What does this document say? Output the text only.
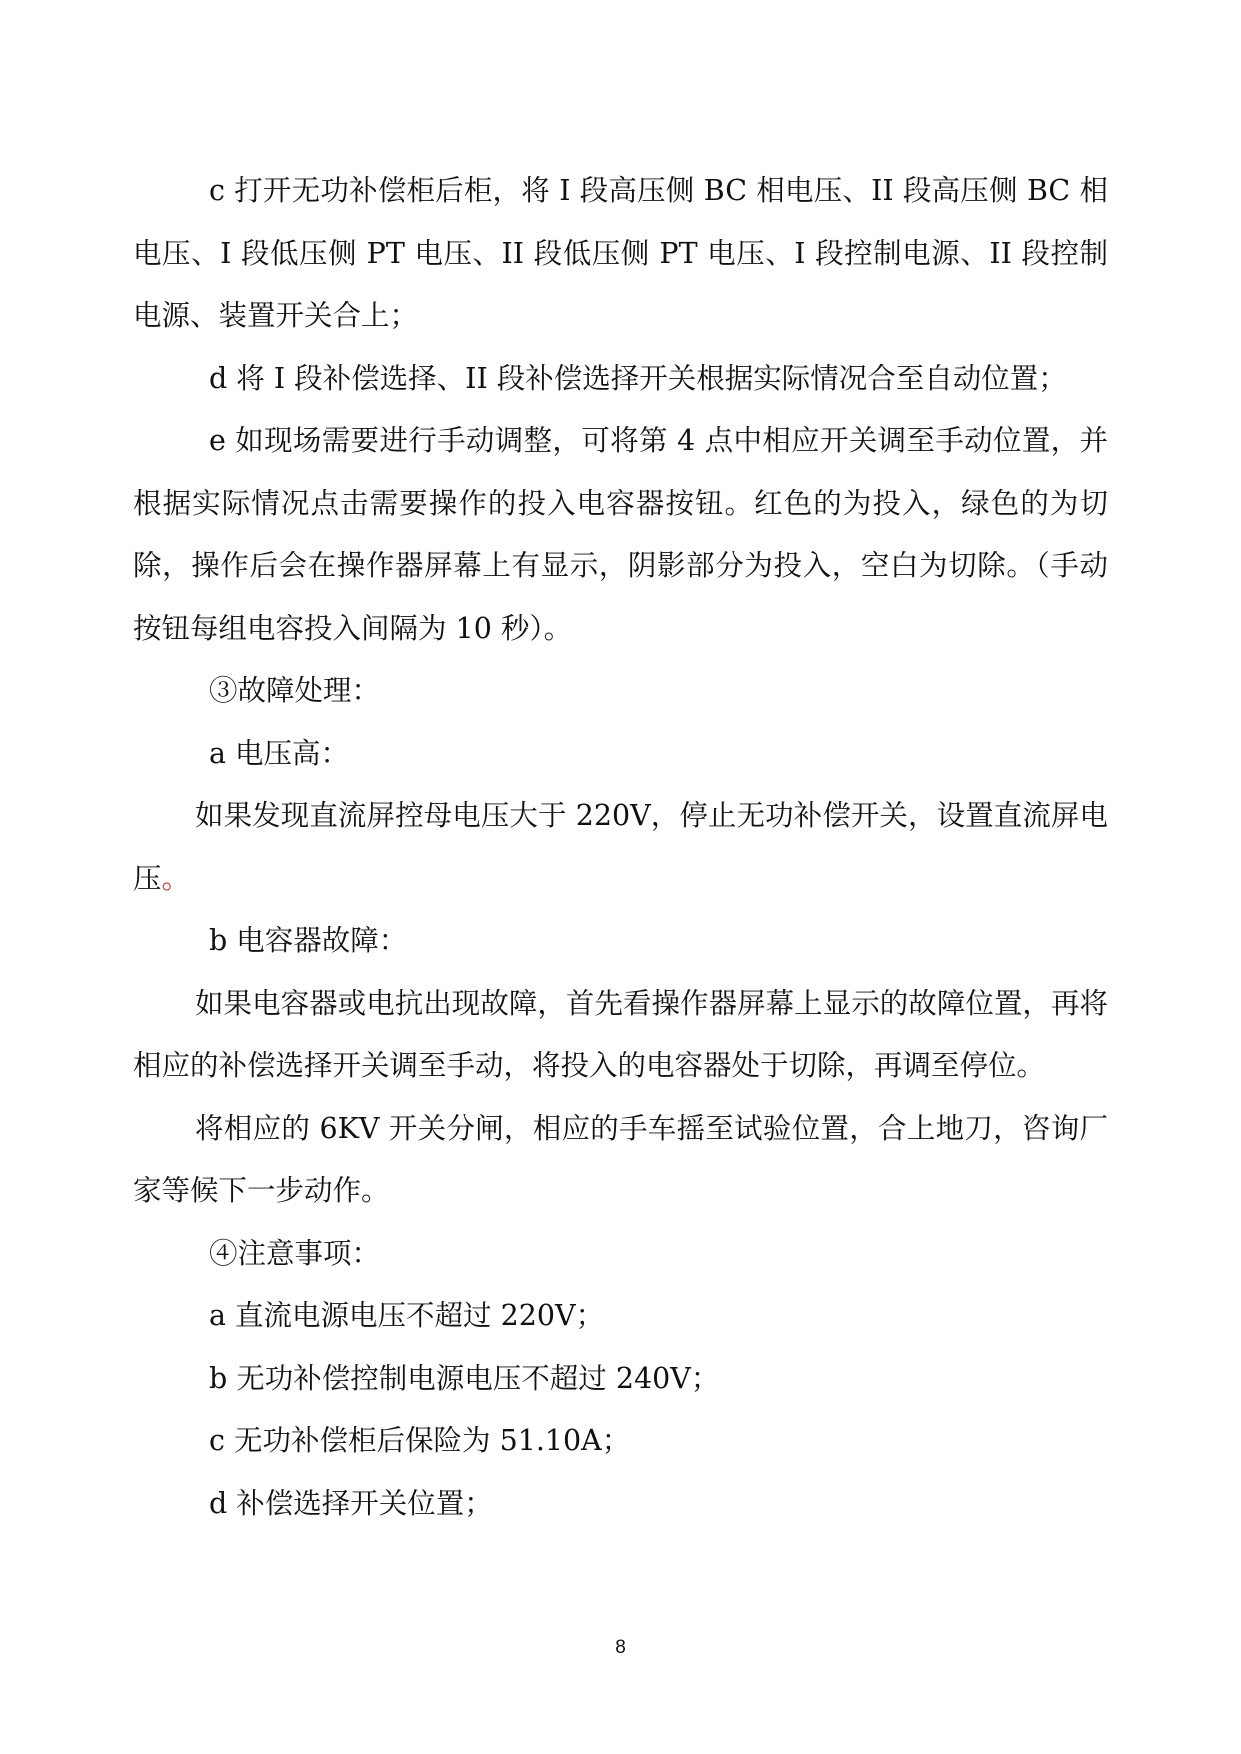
c 打开无功补偿柜后柜，将 I 段高压侧 BC 相电压、II 段高压侧 BC 相电压、I 段低压侧 PT 电压、II 段低压侧 PT 电压、I 段控制电源、II 段控制电源、装置开关合上；

d 将 I 段补偿选择、II 段补偿选择开关根据实际情况合至自动位置；

e 如现场需要进行手动调整，可将第 4 点中相应开关调至手动位置，并根据实际情况点击需要操作的投入电容器按钮。红色的为投入，绿色的为切除，操作后会在操作器屏幕上有显示，阴影部分为投入，空白为切除。（手动按钮每组电容投入间隔为 10 秒）。

③故障处理：

a 电压高：

如果发现直流屏控母电压大于 220V，停止无功补偿开关，设置直流屏电压。

b 电容器故障：

如果电容器或电抗出现故障，首先看操作器屏幕上显示的故障位置，再将相应的补偿选择开关调至手动，将投入的电容器处于切除，再调至停位。

将相应的 6KV 开关分闸，相应的手车摇至试验位置，合上地刀，咨询厂家等候下一步动作。

④注意事项：

a 直流电源电压不超过 220V；

b 无功补偿控制电源电压不超过 240V；

c 无功补偿柜后保险为 51.10A；

d 补偿选择开关位置；

8
